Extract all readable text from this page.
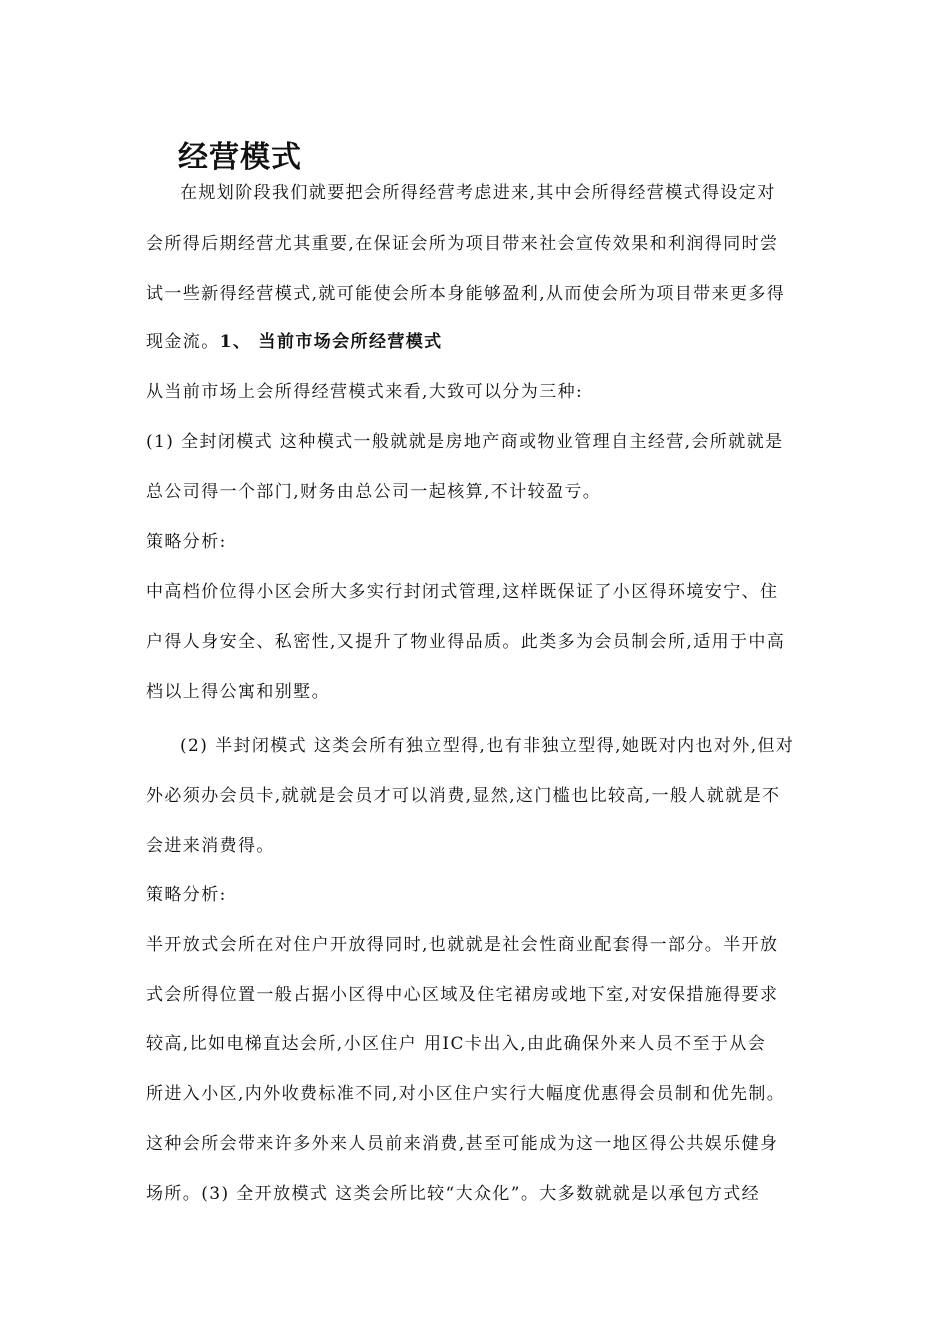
经营模式
在规划阶段我们就要把会所得经营考虑进来,其中会所得经营模式得设定对
会所得后期经营尤其重要,在保证会所为项目带来社会宣传效果和利润得同时尝
试一些新得经营模式,就可能使会所本身能够盈利,从而使会所为项目带来更多得
现金流。1、 当前市场会所经营模式
从当前市场上会所得经营模式来看,大致可以分为三种:
(1) 全封闭模式 这种模式一般就就是房地产商或物业管理自主经营,会所就就是
总公司得一个部门,财务由总公司一起核算,不计较盈亏。
策略分析:
中高档价位得小区会所大多实行封闭式管理,这样既保证了小区得环境安宁、住
户得人身安全、私密性,又提升了物业得品质。此类多为会员制会所,适用于中高
档以上得公寓和别墅。
(2) 半封闭模式 这类会所有独立型得,也有非独立型得,她既对内也对外,但对
外必须办会员卡,就就是会员才可以消费,显然,这门槛也比较高,一般人就就是不
会进来消费得。
策略分析:
半开放式会所在对住户开放得同时,也就就是社会性商业配套得一部分。半开放
式会所得位置一般占据小区得中心区域及住宅裙房或地下室,对安保措施得要求
较高,比如电梯直达会所,小区住户 用IC卡出入,由此确保外来人员不至于从会
所进入小区,内外收费标准不同,对小区住户实行大幅度优惠得会员制和优先制。
这种会所会带来许多外来人员前来消费,甚至可能成为这一地区得公共娱乐健身
场所。(3) 全开放模式 这类会所比较“大众化”。大多数就就是以承包方式经
